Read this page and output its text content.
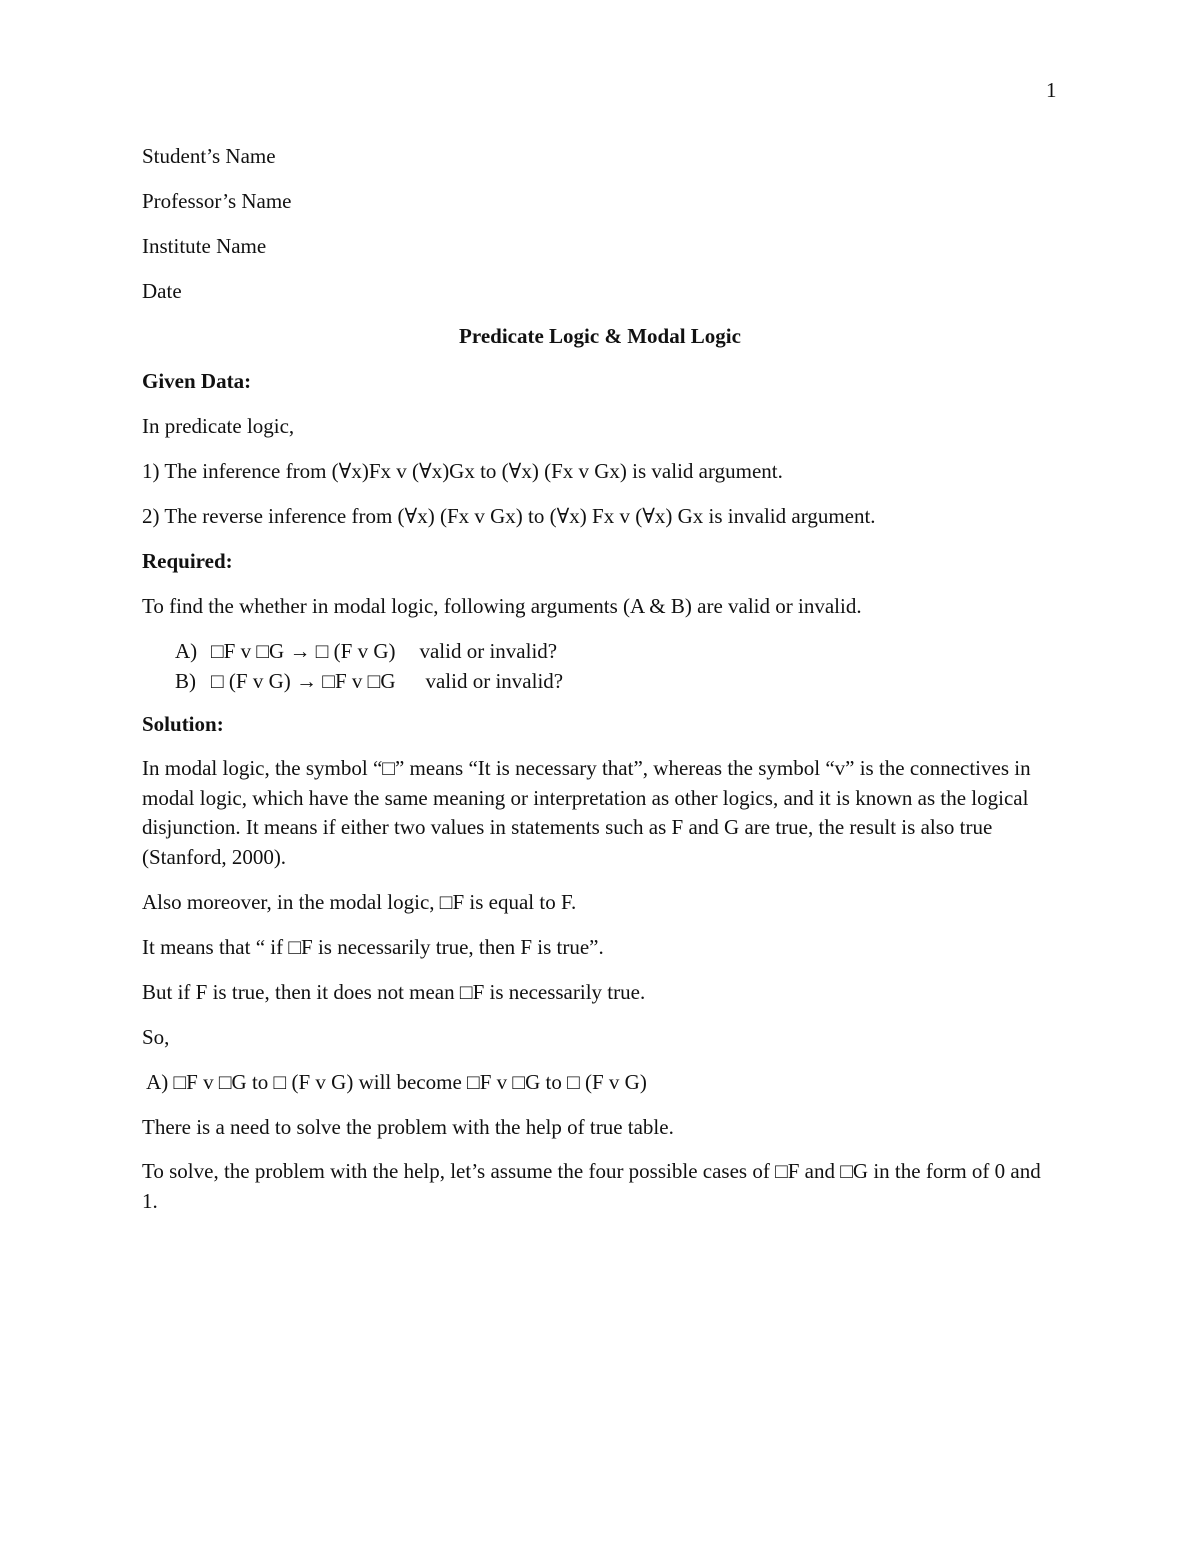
1
Student’s Name
Professor’s Name
Institute Name
Date
Predicate Logic & Modal Logic
Given Data:
In predicate logic,
1) The inference from (∀x)Fx v (∀x)Gx to (∀x) (Fx v Gx) is valid argument.
2) The reverse inference from (∀x) (Fx v Gx) to (∀x) Fx v (∀x) Gx is invalid argument.
Required:
To find the whether in modal logic, following arguments (A & B) are valid or invalid.
A) □F v □G → □ (F v G) valid or invalid?
B) □ (F v G) → □F v □G valid or invalid?
Solution:
In modal logic, the symbol “□” means “It is necessary that”, whereas the symbol “v” is the connectives in modal logic, which have the same meaning or interpretation as other logics, and it is known as the logical disjunction. It means if either two values in statements such as F and G are true, the result is also true (Stanford, 2000).
Also moreover, in the modal logic, □F is equal to F.
It means that “ if □F is necessarily true, then F is true”.
But if F is true, then it does not mean □F is necessarily true.
So,
A) □F v □G to □ (F v G) will become □F v □G to □ (F v G)
There is a need to solve the problem with the help of true table.
To solve, the problem with the help, let’s assume the four possible cases of □F and □G in the form of 0 and 1.
